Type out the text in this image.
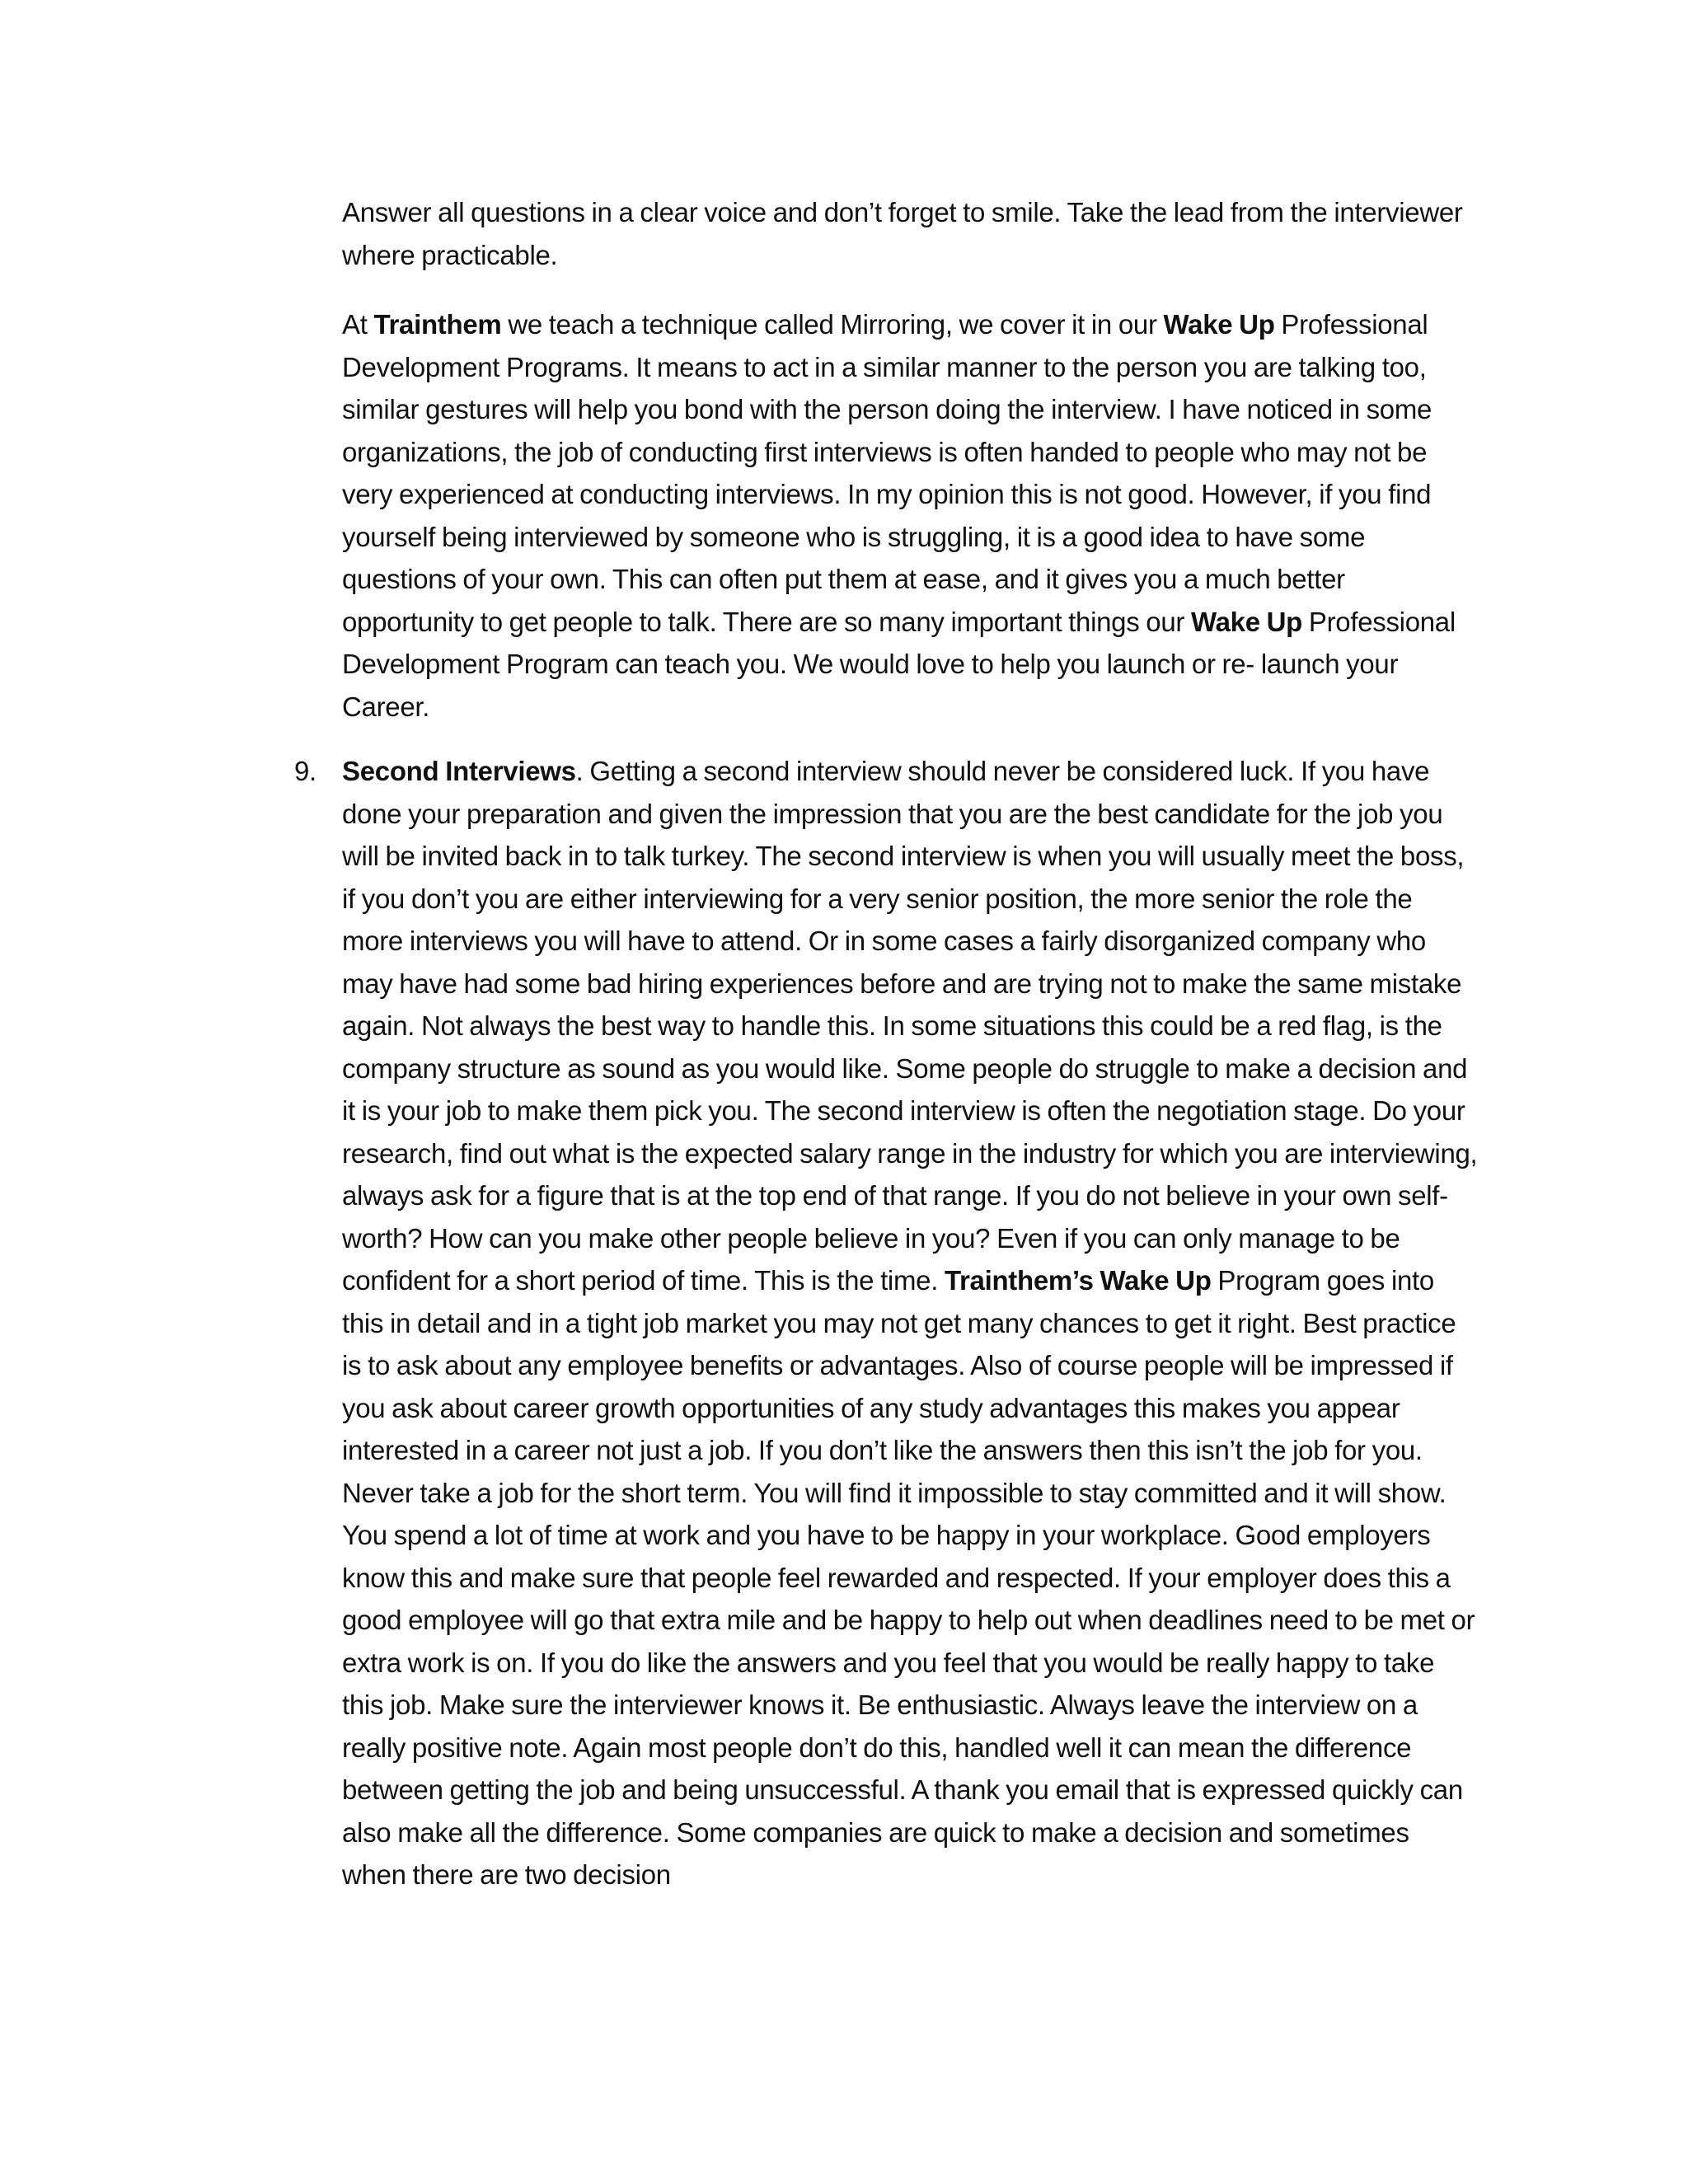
Answer all questions in a clear voice and don’t forget to smile. Take the lead from the interviewer where practicable.

At Trainthem we teach a technique called Mirroring, we cover it in our Wake Up Professional Development Programs. It means to act in a similar manner to the person you are talking too, similar gestures will help you bond with the person doing the interview. I have noticed in some organizations, the job of conducting first interviews is often handed to people who may not be very experienced at conducting interviews. In my opinion this is not good. However, if you find yourself being interviewed by someone who is struggling, it is a good idea to have some questions of your own. This can often put them at ease, and it gives you a much better opportunity to get people to talk. There are so many important things our Wake Up Professional Development Program can teach you. We would love to help you launch or re- launch your Career.

9. Second Interviews. Getting a second interview should never be considered luck. If you have done your preparation and given the impression that you are the best candidate for the job you will be invited back in to talk turkey. The second interview is when you will usually meet the boss, if you don’t you are either interviewing for a very senior position, the more senior the role the more interviews you will have to attend. Or in some cases a fairly disorganized company who may have had some bad hiring experiences before and are trying not to make the same mistake again. Not always the best way to handle this. In some situations this could be a red flag, is the company structure as sound as you would like. Some people do struggle to make a decision and it is your job to make them pick you. The second interview is often the negotiation stage. Do your research, find out what is the expected salary range in the industry for which you are interviewing, always ask for a figure that is at the top end of that range. If you do not believe in your own self-worth? How can you make other people believe in you? Even if you can only manage to be confident for a short period of time. This is the time. Trainthem’s Wake Up Program goes into this in detail and in a tight job market you may not get many chances to get it right. Best practice is to ask about any employee benefits or advantages. Also of course people will be impressed if you ask about career growth opportunities of any study advantages this makes you appear interested in a career not just a job. If you don’t like the answers then this isn’t the job for you. Never take a job for the short term. You will find it impossible to stay committed and it will show. You spend a lot of time at work and you have to be happy in your workplace. Good employers know this and make sure that people feel rewarded and respected. If your employer does this a good employee will go that extra mile and be happy to help out when deadlines need to be met or extra work is on. If you do like the answers and you feel that you would be really happy to take this job. Make sure the interviewer knows it. Be enthusiastic. Always leave the interview on a really positive note. Again most people don’t do this, handled well it can mean the difference between getting the job and being unsuccessful. A thank you email that is expressed quickly can also make all the difference. Some companies are quick to make a decision and sometimes when there are two decision
